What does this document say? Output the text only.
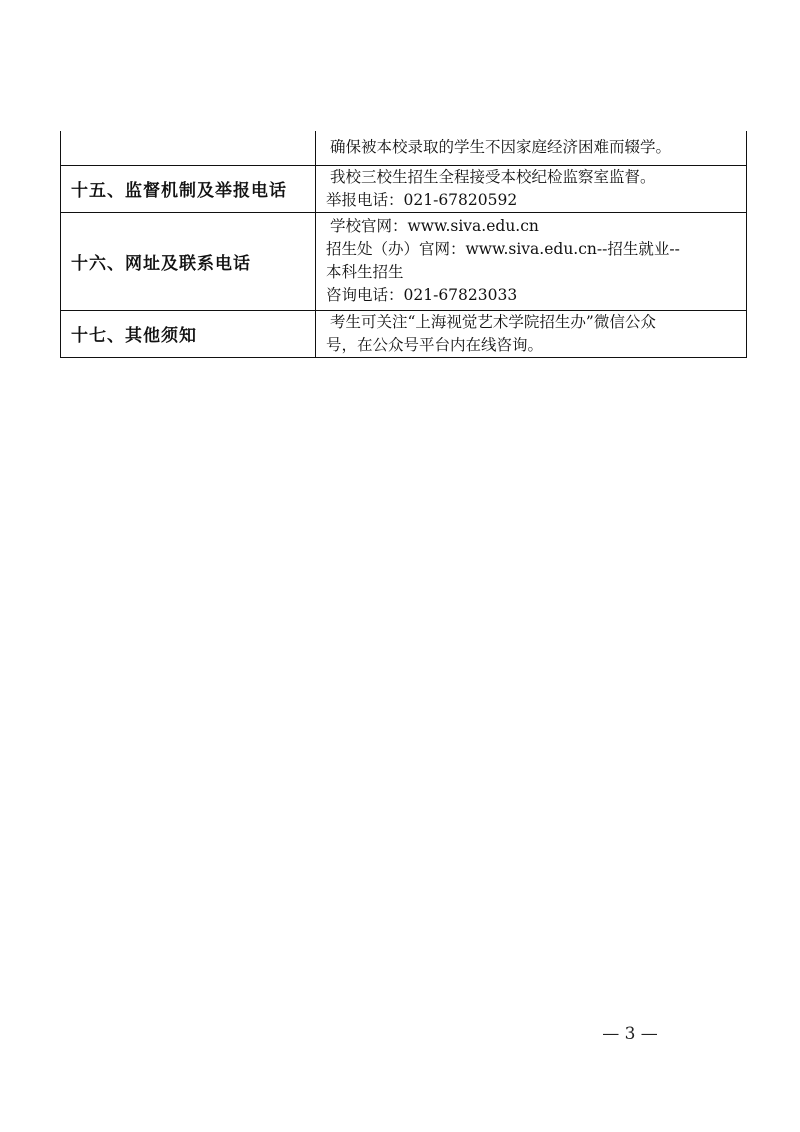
	确保被本校录取的学生不因家庭经济困难而辍学。

十五、监督机制及举报电话	我校三校生招生全程接受本校纪检监察室监督。
举报电话：021-67820592

十六、网址及联系电话	学校官网：www.siva.edu.cn
招生处（办）官网：www.siva.edu.cn--招生就业--
本科生招生
咨询电话：021-67823033

十七、其他须知	考生可关注“上海视觉艺术学院招生办”微信公众
号，在公众号平台内在线咨询。
— 3 —
